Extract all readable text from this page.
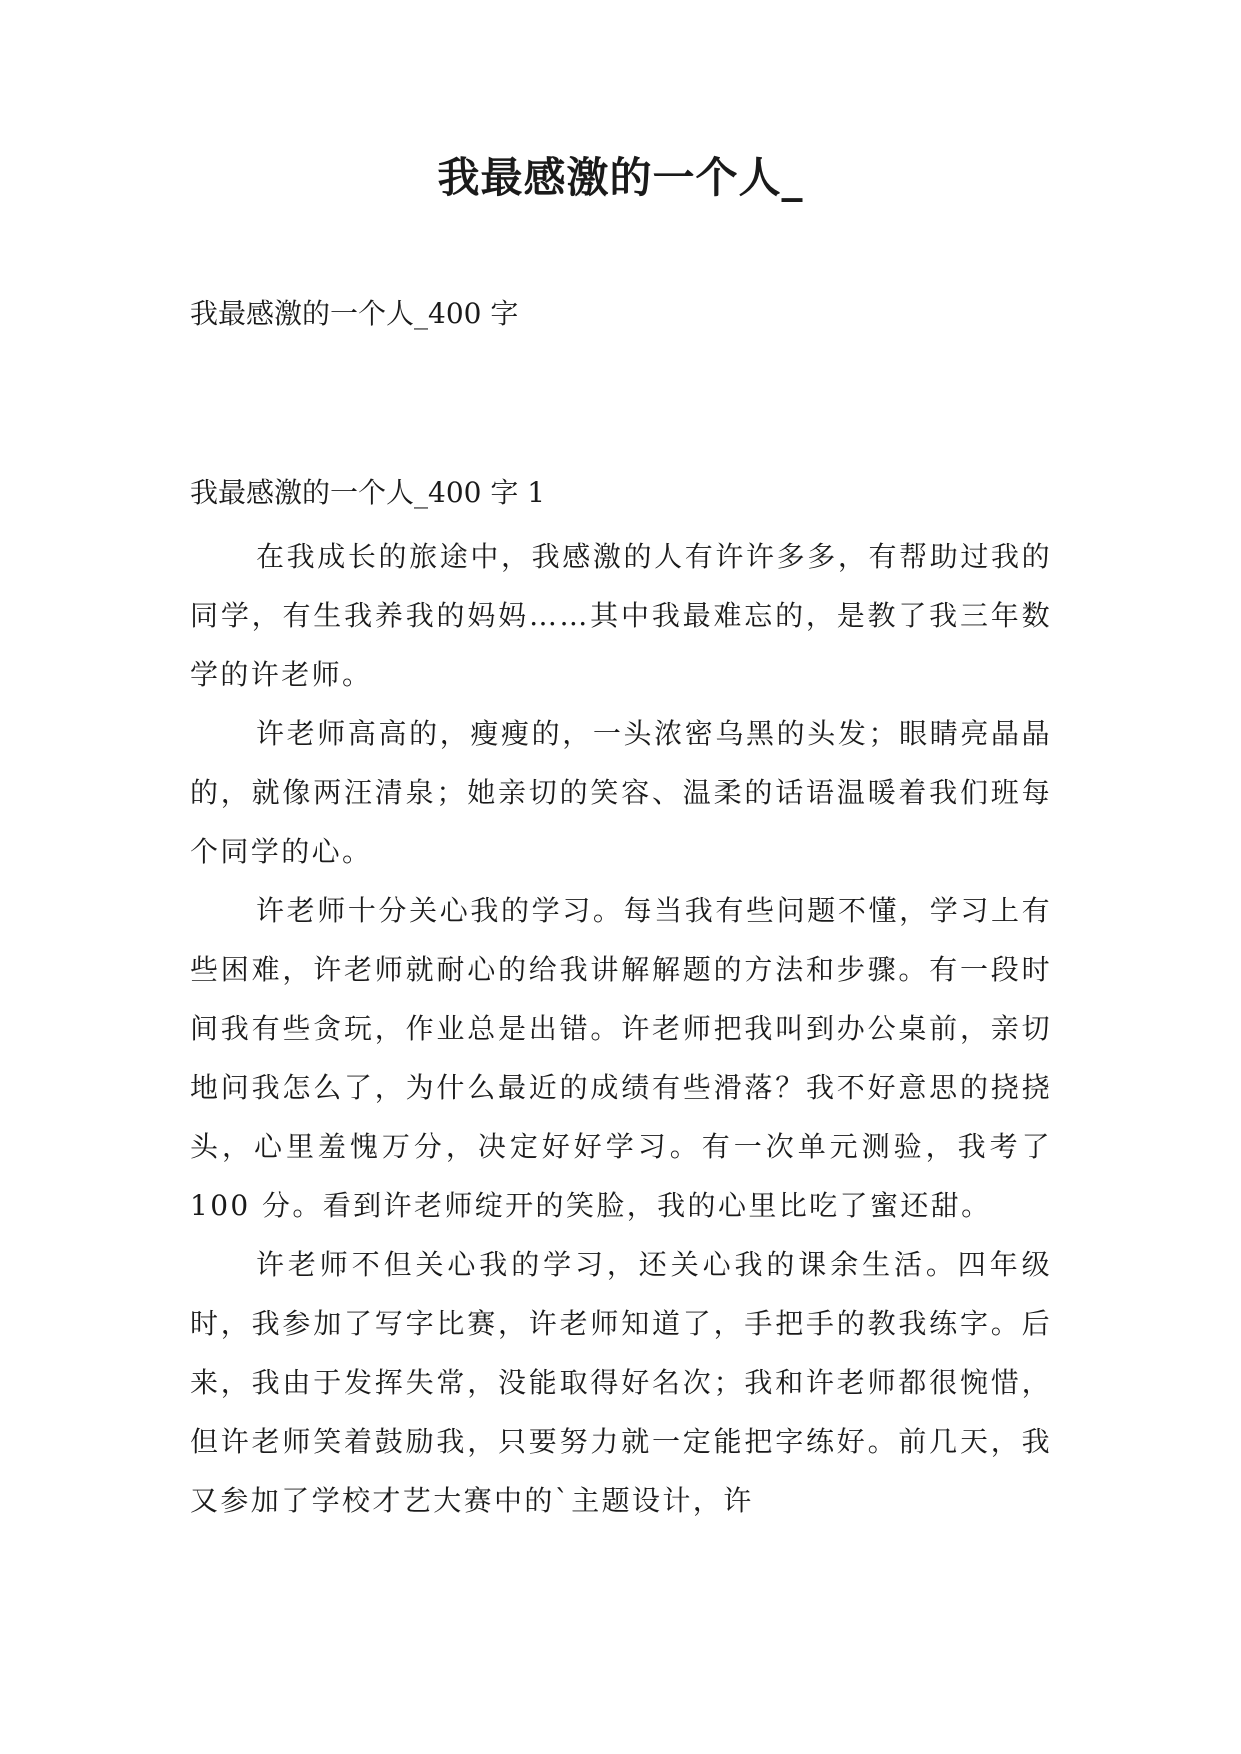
我最感激的一个人_

我最感激的一个人_400 字

我最感激的一个人_400 字 1

在我成长的旅途中，我感激的人有许许多多，有帮助过我的同学，有生我养我的妈妈……其中我最难忘的，是教了我三年数学的许老师。

许老师高高的，瘦瘦的，一头浓密乌黑的头发；眼睛亮晶晶的，就像两汪清泉；她亲切的笑容、温柔的话语温暖着我们班每个同学的心。

许老师十分关心我的学习。每当我有些问题不懂，学习上有些困难，许老师就耐心的给我讲解解题的方法和步骤。有一段时间我有些贪玩，作业总是出错。许老师把我叫到办公桌前，亲切地问我怎么了，为什么最近的成绩有些滑落？我不好意思的挠挠头，心里羞愧万分，决定好好学习。有一次单元测验，我考了 100 分。看到许老师绽开的笑脸，我的心里比吃了蜜还甜。

许老师不但关心我的学习，还关心我的课余生活。四年级时，我参加了写字比赛，许老师知道了，手把手的教我练字。后来，我由于发挥失常，没能取得好名次；我和许老师都很惋惜，但许老师笑着鼓励我，只要努力就一定能把字练好。前几天，我又参加了学校才艺大赛中的`主题设计，许
